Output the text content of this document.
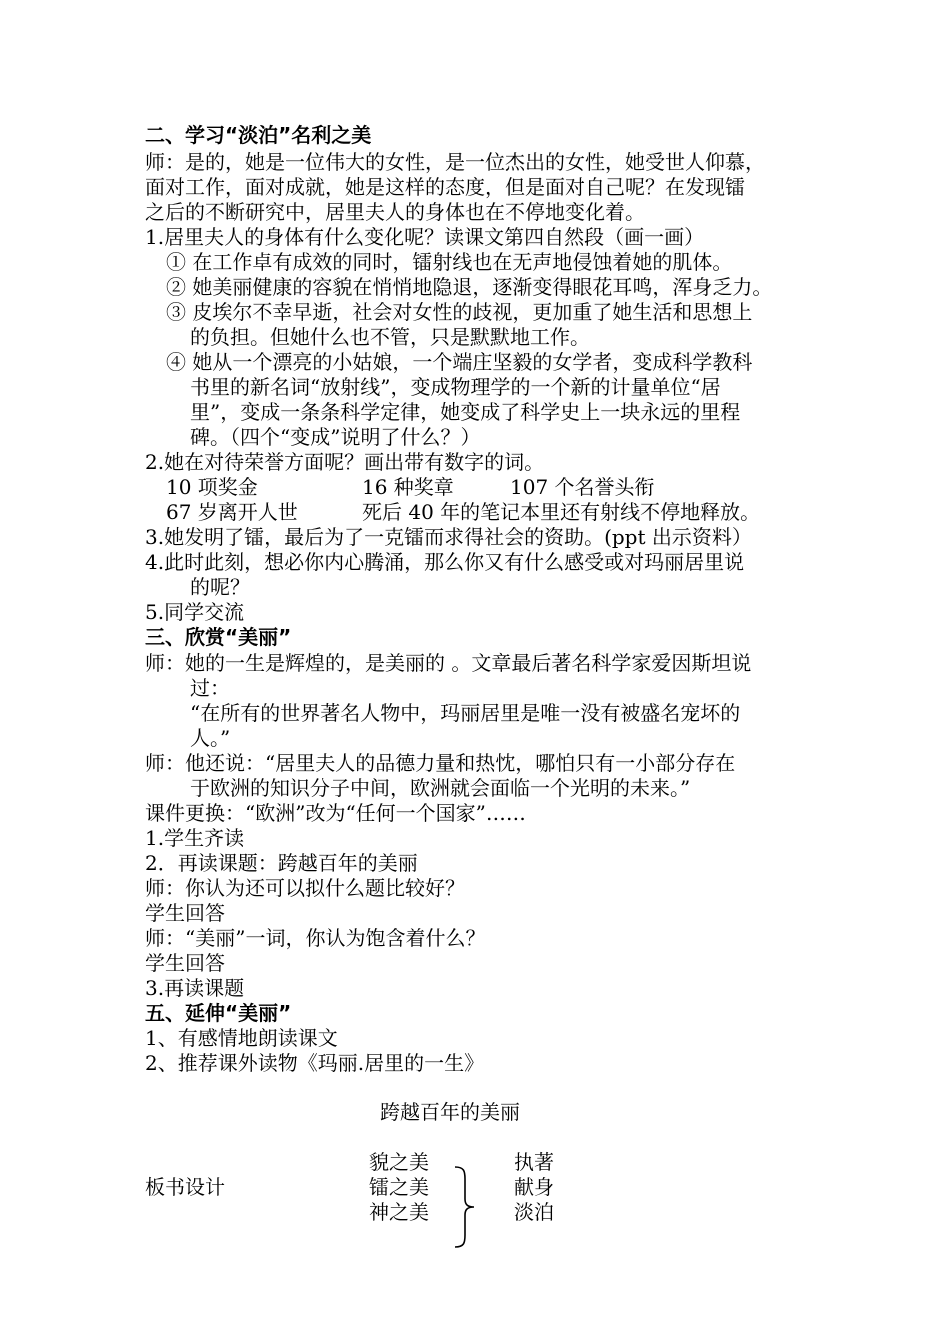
二、学习“淡泊”名利之美
师：是的，她是一位伟大的女性，是一位杰出的女性，她受世人仰慕，
面对工作，面对成就，她是这样的态度，但是面对自己呢？在发现镭
之后的不断研究中，居里夫人的身体也在不停地变化着。
1.居里夫人的身体有什么变化呢？读课文第四自然段（画一画）
① 在工作卓有成效的同时，镭射线也在无声地侵蚀着她的肌体。
② 她美丽健康的容貌在悄悄地隐退，逐渐变得眼花耳鸣，浑身乏力。
③ 皮埃尔不幸早逝，社会对女性的歧视，更加重了她生活和思想上
的负担。但她什么也不管，只是默默地工作。
④ 她从一个漂亮的小姑娘，一个端庄坚毅的女学者，变成科学教科
书里的新名词“放射线”，变成物理学的一个新的计量单位“居
里”，变成一条条科学定律，她变成了科学史上一块永远的里程
碑。（四个“变成”说明了什么？）
2.她在对待荣誉方面呢？画出带有数字的词。
10 项奖金	16 种奖章	107 个名誉头衔
67 岁离开人世	死后 40 年的笔记本里还有射线不停地释放。
3.她发明了镭，最后为了一克镭而求得社会的资助。(ppt 出示资料）
4.此时此刻，想必你内心腾涌，那么你又有什么感受或对玛丽居里说
的呢？
5.同学交流
三、欣赏“美丽”
师：她的一生是辉煌的，是美丽的 。文章最后著名科学家爱因斯坦说
过：
“在所有的世界著名人物中，玛丽居里是唯一没有被盛名宠坏的
人。”
师：他还说：“居里夫人的品德力量和热忱，哪怕只有一小部分存在
于欧洲的知识分子中间，欧洲就会面临一个光明的未来。”
课件更换：“欧洲”改为“任何一个国家”……
1.学生齐读
2．再读课题：跨越百年的美丽
师：你认为还可以拟什么题比较好？
学生回答
师：“美丽”一词，你认为饱含着什么？
学生回答
3.再读课题
五、延伸“美丽”
1、有感情地朗读课文
2、推荐课外读物《玛丽.居里的一生》
跨越百年的美丽
板书设计
貌之美
镭之美
神之美
执著
献身
淡泊
